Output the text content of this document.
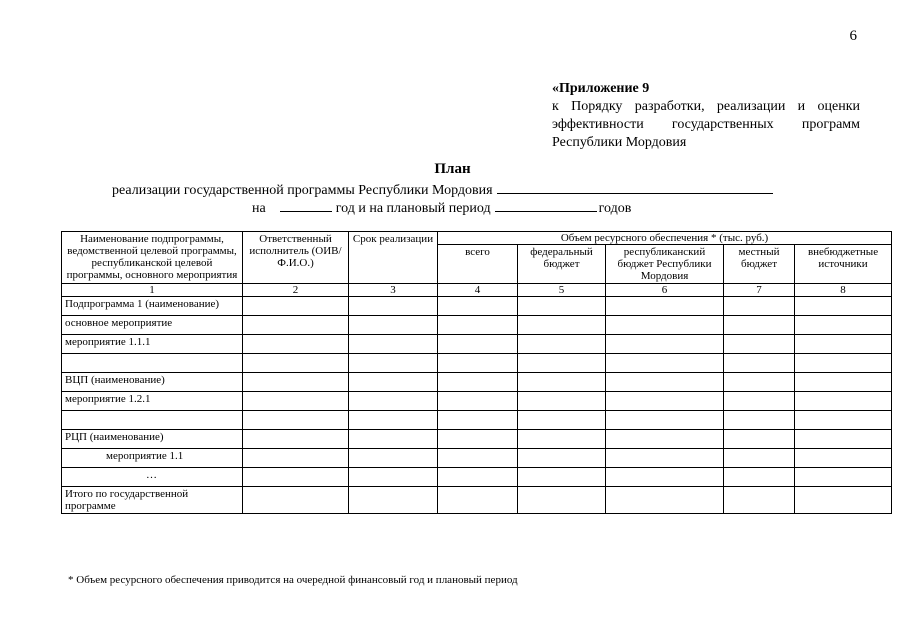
6
«Приложение 9
к Порядку разработки, реализации и оценки
эффективности государственных программ
Республики Мордовия
План
реализации государственной программы Республики Мордовия
на	год и на плановый период	годов
Наименование подпрограммы, ведомственной целевой программы, республиканской целевой программы, основного мероприятия	Ответственный исполнитель (ОИВ/Ф.И.О.)	Срок реализации	Объем ресурсного обеспечения * (тыс. руб.)				
			всего	федеральный бюджет	республиканский бюджет Республики Мордовия	местный бюджет	внебюджетные источники
1	2	3	4	5	6	7	8
Подпрограмма 1 (наименование)							
основное мероприятие							
мероприятие 1.1.1							

ВЦП (наименование)							
мероприятие 1.2.1							

РЦП (наименование)							
мероприятие 1.1							
…							
Итого по государственной программе							
* Объем ресурсного обеспечения приводится на очередной финансовый год и плановый период
